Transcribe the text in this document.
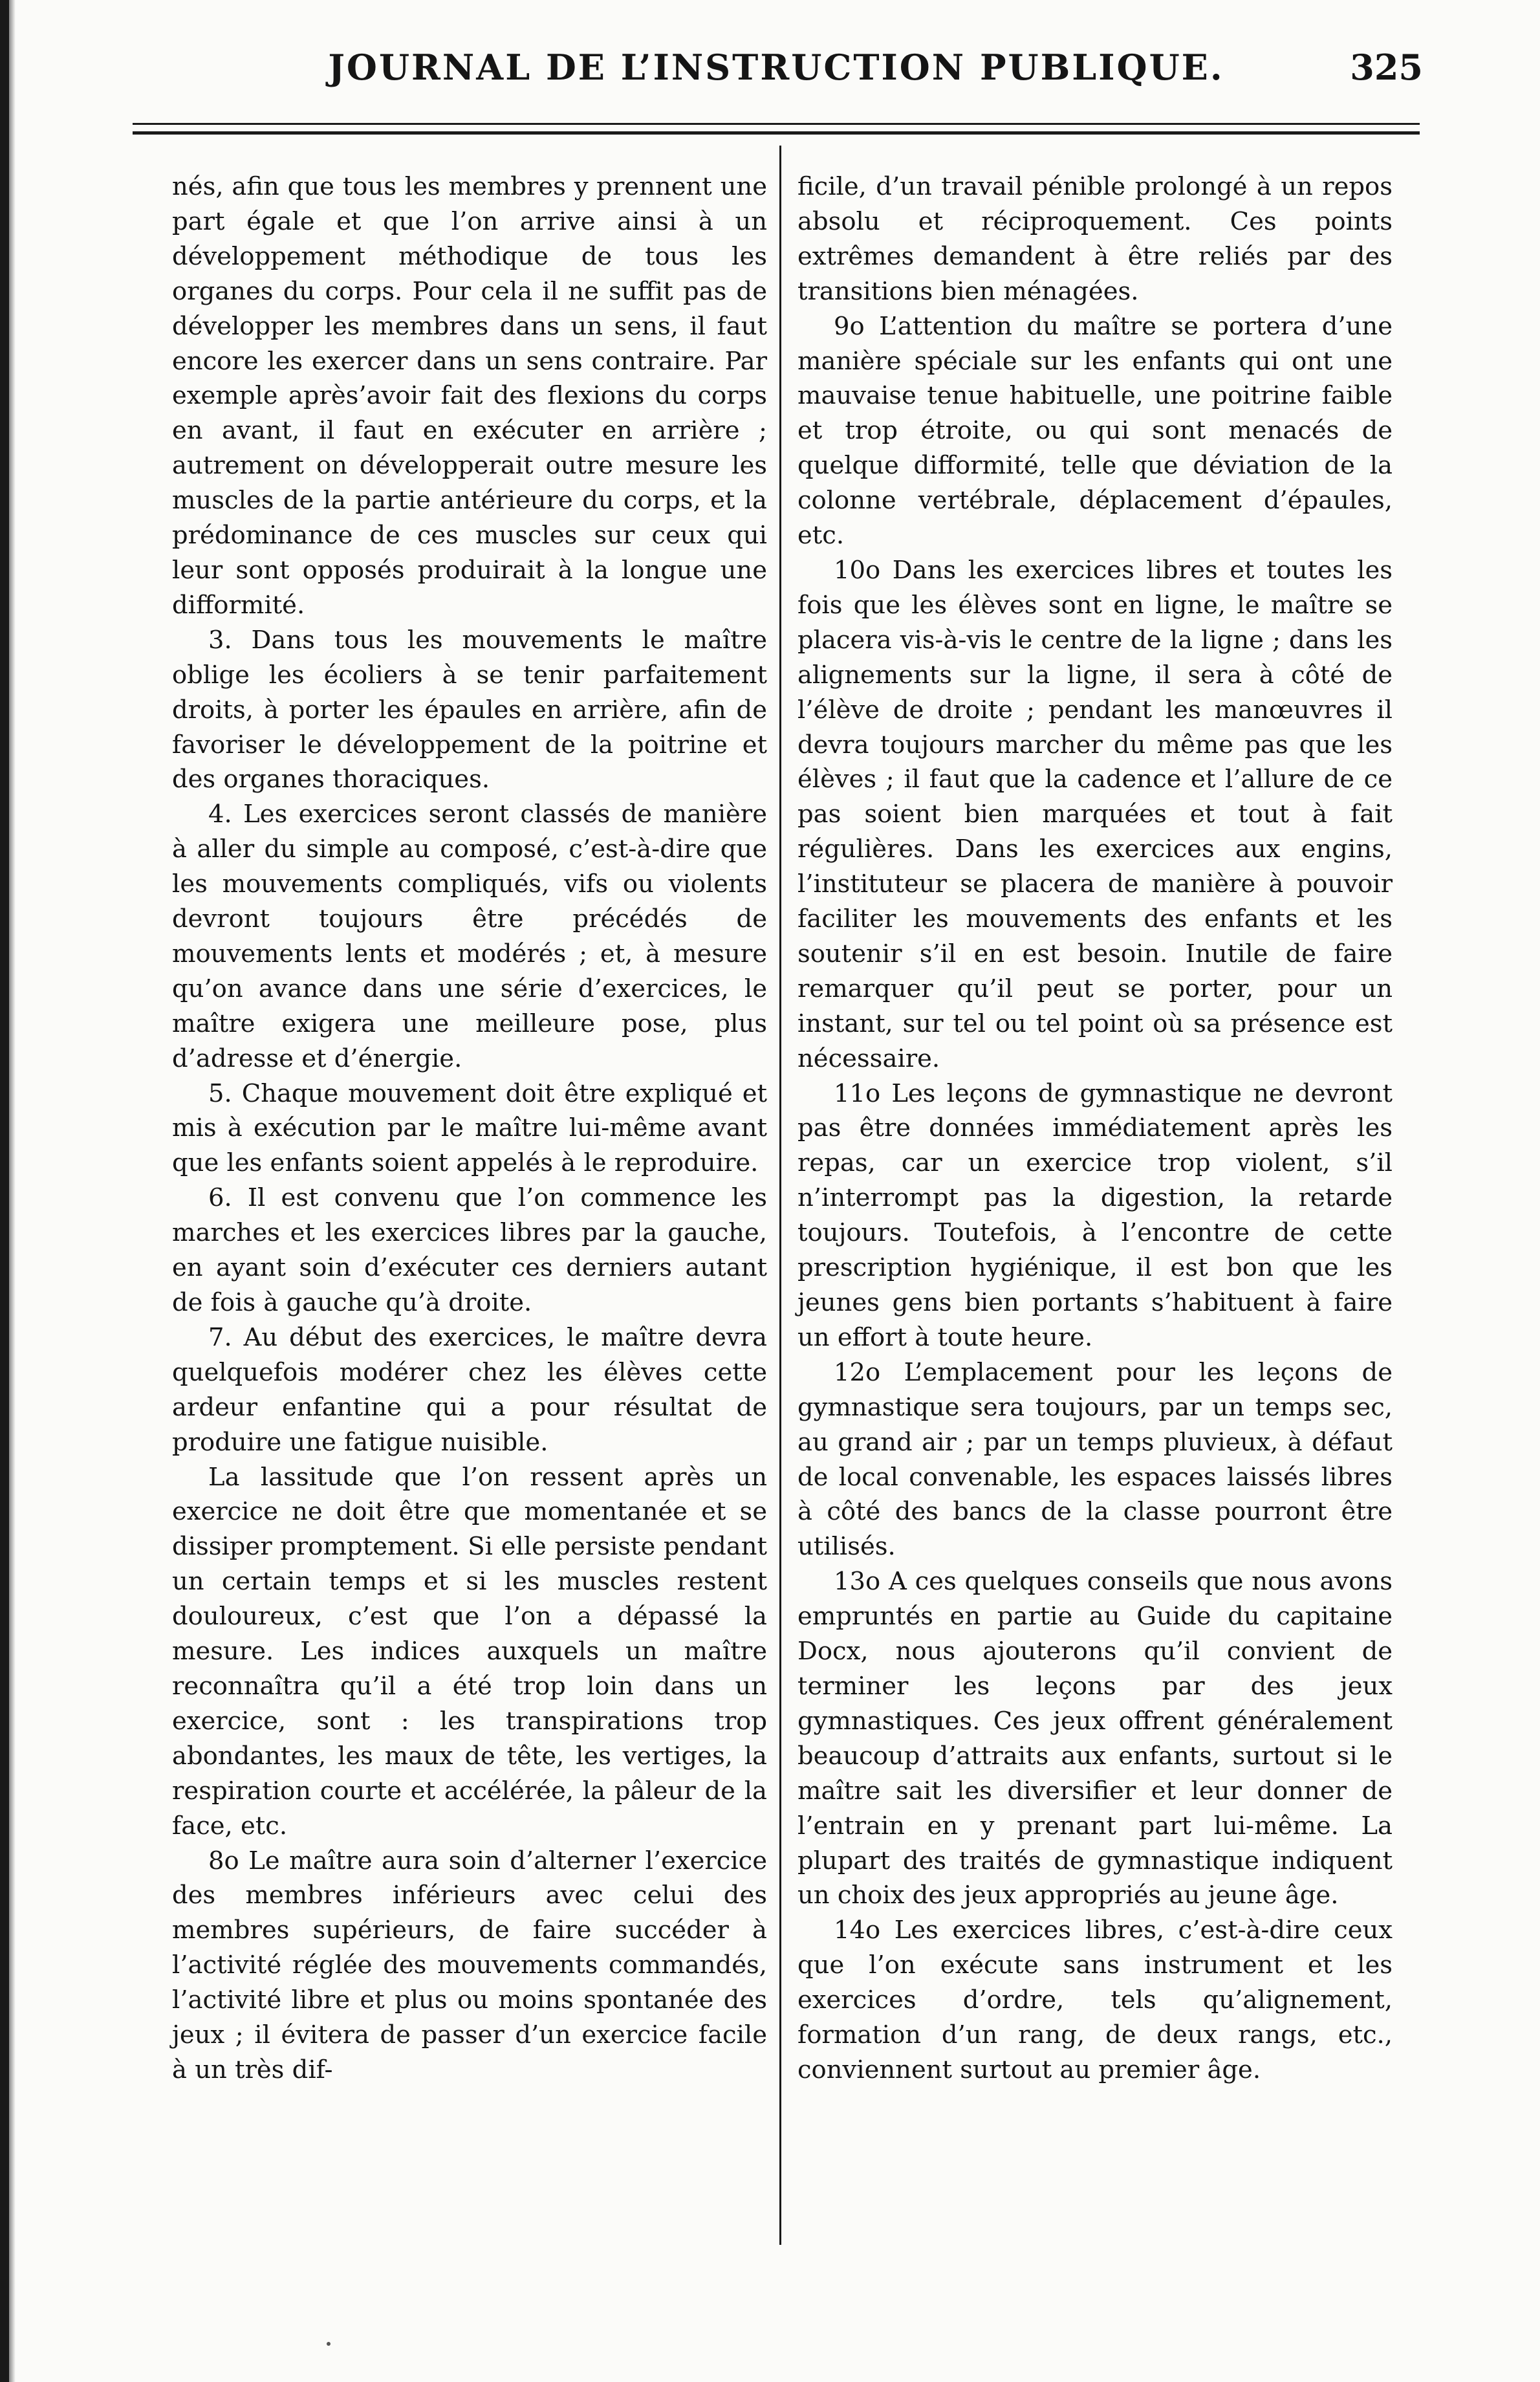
JOURNAL DE L’INSTRUCTION PUBLIQUE.	325

nés, afin que tous les membres y prennent une part égale et que l’on arrive ainsi à un développement méthodique de tous les organes du corps. Pour cela il ne suffit pas de développer les membres dans un sens, il faut encore les exercer dans un sens contraire. Par exemple après’avoir fait des flexions du corps en avant, il faut en exécuter en arrière ; autrement on développerait outre mesure les muscles de la partie antérieure du corps, et la prédominance de ces muscles sur ceux qui leur sont opposés produirait à la longue une difformité.

3. Dans tous les mouvements le maître oblige les écoliers à se tenir parfaitement droits, à porter les épaules en arrière, afin de favoriser le développement de la poitrine et des organes thoraciques.

4. Les exercices seront classés de manière à aller du simple au composé, c’est-à-dire que les mouvements compliqués, vifs ou violents devront toujours être précédés de mouvements lents et modérés ; et, à mesure qu’on avance dans une série d’exercices, le maître exigera une meilleure pose, plus d’adresse et d’énergie.

5. Chaque mouvement doit être expliqué et mis à exécution par le maître lui-même avant que les enfants soient appelés à le reproduire.

6. Il est convenu que l’on commence les marches et les exercices libres par la gauche, en ayant soin d’exécuter ces derniers autant de fois à gauche qu’à droite.

7. Au début des exercices, le maître devra quelquefois modérer chez les élèves cette ardeur enfantine qui a pour résultat de produire une fatigue nuisible.

La lassitude que l’on ressent après un exercice ne doit être que momentanée et se dissiper promptement. Si elle persiste pendant un certain temps et si les muscles restent douloureux, c’est que l’on a dépassé la mesure. Les indices auxquels un maître reconnaîtra qu’il a été trop loin dans un exercice, sont : les transpirations trop abondantes, les maux de tête, les vertiges, la respiration courte et accélérée, la pâleur de la face, etc.

8o Le maître aura soin d’alterner l’exercice des membres inférieurs avec celui des membres supérieurs, de faire succéder à l’activité réglée des mouvements commandés, l’activité libre et plus ou moins spontanée des jeux ; il évitera de passer d’un exercice facile à un très dif-

ficile, d’un travail pénible prolongé à un repos absolu et réciproquement. Ces points extrêmes demandent à être reliés par des transitions bien ménagées.

9o L’attention du maître se portera d’une manière spéciale sur les enfants qui ont une mauvaise tenue habituelle, une poitrine faible et trop étroite, ou qui sont menacés de quelque difformité, telle que déviation de la colonne vertébrale, déplacement d’épaules, etc.

10o Dans les exercices libres et toutes les fois que les élèves sont en ligne, le maître se placera vis-à-vis le centre de la ligne ; dans les alignements sur la ligne, il sera à côté de l’élève de droite ; pendant les manœuvres il devra toujours marcher du même pas que les élèves ; il faut que la cadence et l’allure de ce pas soient bien marquées et tout à fait régulières. Dans les exercices aux engins, l’instituteur se placera de manière à pouvoir faciliter les mouvements des enfants et les soutenir s’il en est besoin. Inutile de faire remarquer qu’il peut se porter, pour un instant, sur tel ou tel point où sa présence est nécessaire.

11o Les leçons de gymnastique ne devront pas être données immédiatement après les repas, car un exercice trop violent, s’il n’interrompt pas la digestion, la retarde toujours. Toutefois, à l’encontre de cette prescription hygiénique, il est bon que les jeunes gens bien portants s’habituent à faire un effort à toute heure.

12o L’emplacement pour les leçons de gymnastique sera toujours, par un temps sec, au grand air ; par un temps pluvieux, à défaut de local convenable, les espaces laissés libres à côté des bancs de la classe pourront être utilisés.

13o A ces quelques conseils que nous avons empruntés en partie au Guide du capitaine Docx, nous ajouterons qu’il convient de terminer les leçons par des jeux gymnastiques. Ces jeux offrent généralement beaucoup d’attraits aux enfants, surtout si le maître sait les diversifier et leur donner de l’entrain en y prenant part lui-même. La plupart des traités de gymnastique indiquent un choix des jeux appropriés au jeune âge.

14o Les exercices libres, c’est-à-dire ceux que l’on exécute sans instrument et les exercices d’ordre, tels qu’alignement, formation d’un rang, de deux rangs, etc., conviennent surtout au premier âge.
